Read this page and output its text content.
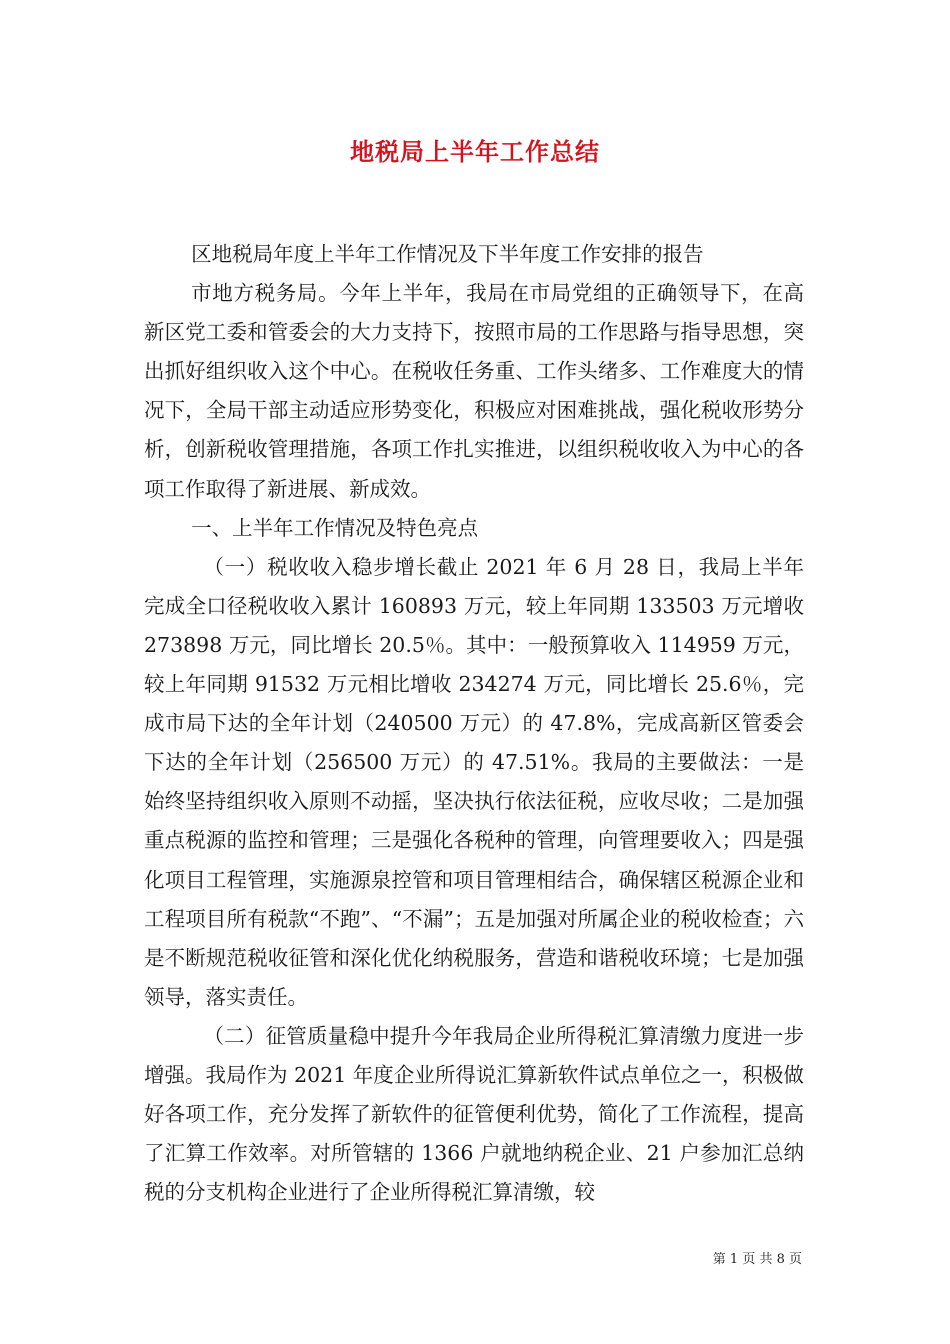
地税局上半年工作总结

区地税局年度上半年工作情况及下半年度工作安排的报告

市地方税务局。今年上半年，我局在市局党组的正确领导下，在高新区党工委和管委会的大力支持下，按照市局的工作思路与指导思想，突出抓好组织收入这个中心。在税收任务重、工作头绪多、工作难度大的情况下，全局干部主动适应形势变化，积极应对困难挑战，强化税收形势分析，创新税收管理措施，各项工作扎实推进，以组织税收收入为中心的各项工作取得了新进展、新成效。

一、上半年工作情况及特色亮点

（一）税收收入稳步增长截止 2021 年 6 月 28 日，我局上半年完成全口径税收收入累计 160893 万元，较上年同期 133503 万元增收 273898 万元，同比增长 20.5％。其中：一般预算收入 114959 万元，较上年同期 91532 万元相比增收 234274 万元，同比增长 25.6％，完成市局下达的全年计划（240500 万元）的 47.8%，完成高新区管委会下达的全年计划（256500 万元）的 47.51%。我局的主要做法：一是始终坚持组织收入原则不动摇，坚决执行依法征税，应收尽收；二是加强重点税源的监控和管理；三是强化各税种的管理，向管理要收入；四是强化项目工程管理，实施源泉控管和项目管理相结合，确保辖区税源企业和工程项目所有税款“不跑”、“不漏”；五是加强对所属企业的税收检查；六是不断规范税收征管和深化优化纳税服务，营造和谐税收环境；七是加强领导，落实责任。

（二）征管质量稳中提升今年我局企业所得税汇算清缴力度进一步增强。我局作为 2021 年度企业所得说汇算新软件试点单位之一，积极做好各项工作，充分发挥了新软件的征管便利优势，简化了工作流程，提高了汇算工作效率。对所管辖的 1366 户就地纳税企业、21 户参加汇总纳税的分支机构企业进行了企业所得税汇算清缴，较

第 1 页 共 8 页
